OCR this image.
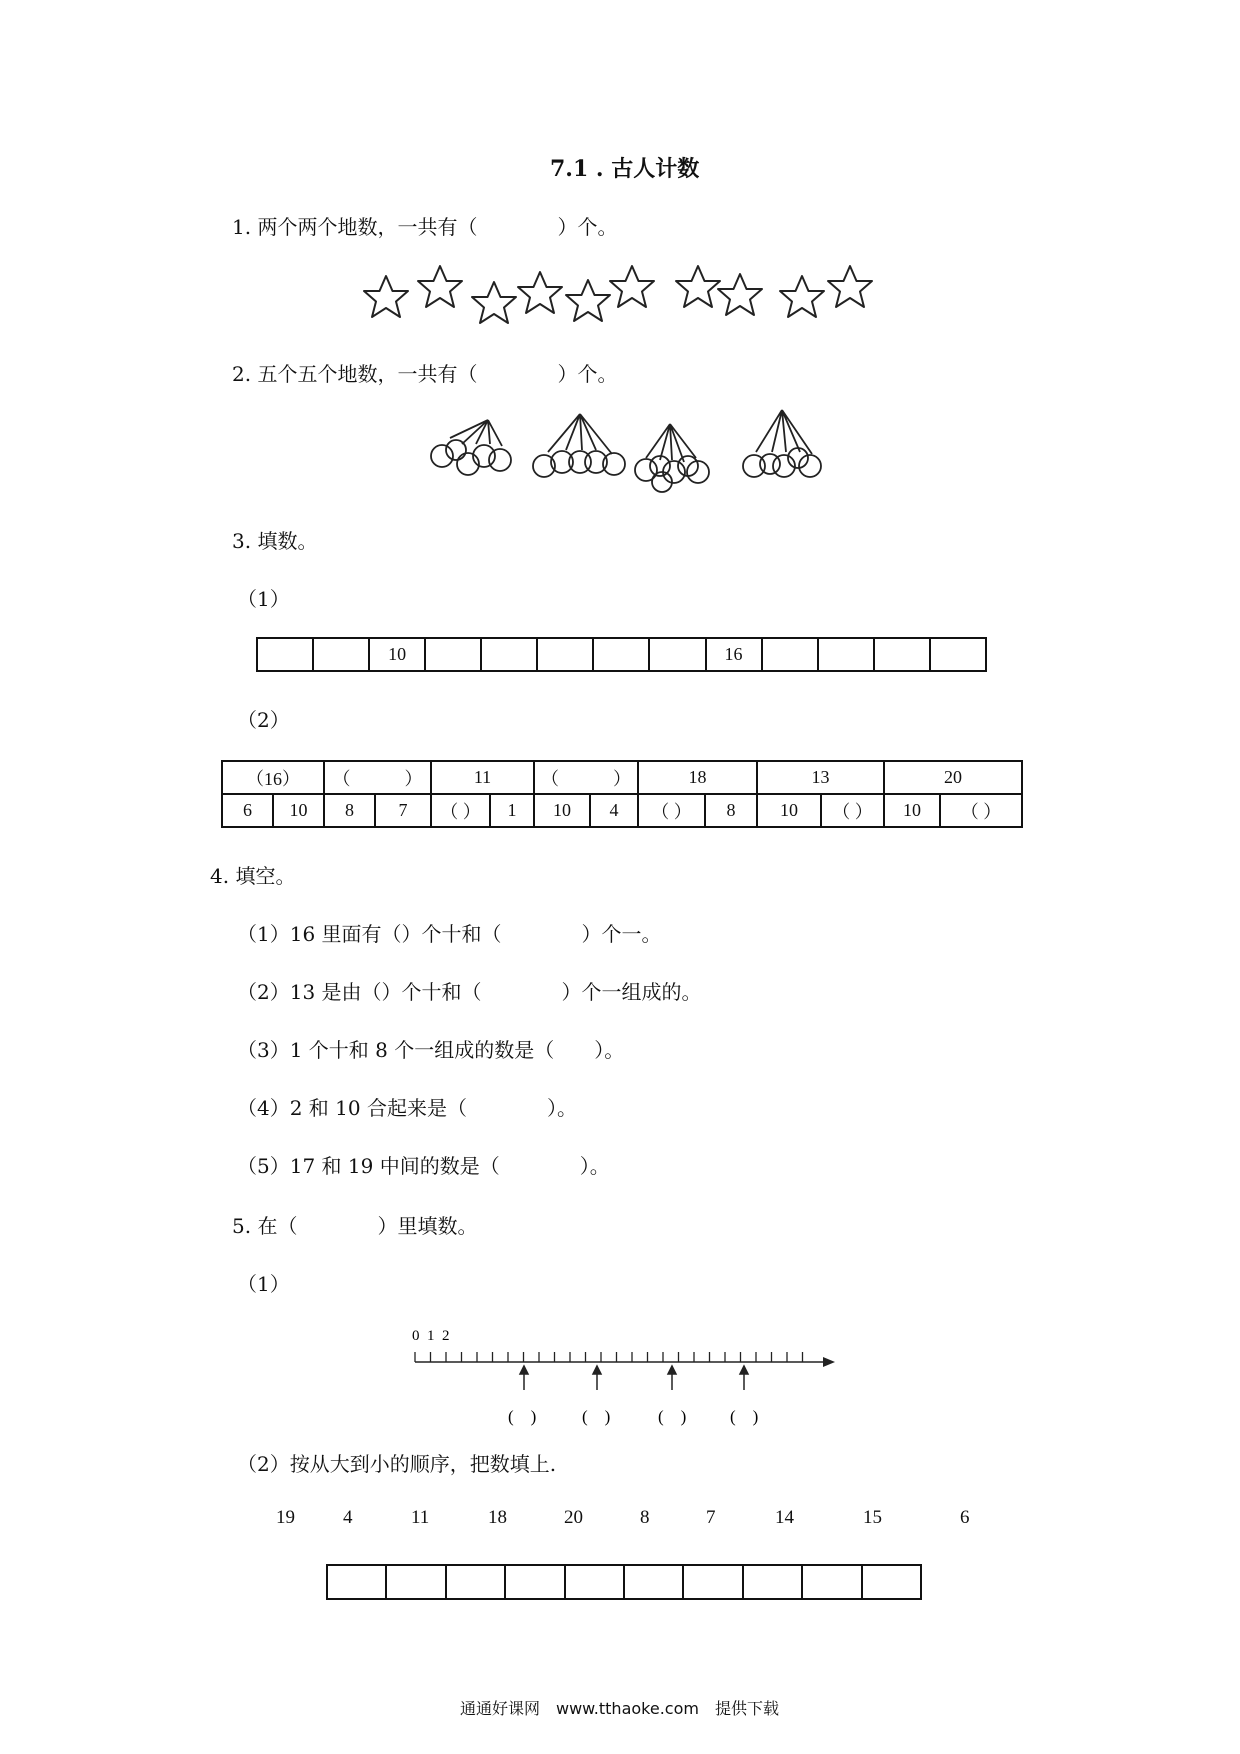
7.1 . 古人计数
1. 两个两个地数，一共有（　　　　）个。
2. 五个五个地数，一共有（　　　　）个。
3. 填数。
（1）
		10						16				
（2）
（16）		（　　　）		11		（　　　）		18		13		20	
6	10	8	7	（ ）	1	10	4	（ ）	8	10	（ ）	10	（ ）
4. 填空。
（1）16 里面有（）个十和（　　　　）个一。
（2）13 是由（）个十和（　　　　）个一组成的。
（3）1 个十和 8 个一组成的数是（　　）。
（4）2 和 10 合起来是（　　　　）。
（5）17 和 19 中间的数是（　　　　）。
5. 在（　　　　）里填数。
（1）
0 1 2
(　)	(　)	(　)	(　)
（2）按从大到小的顺序，把数填上.
19	4	11	18	20	8	7	14	15	6

通通好课网　www.tthaoke.com　提供下载
